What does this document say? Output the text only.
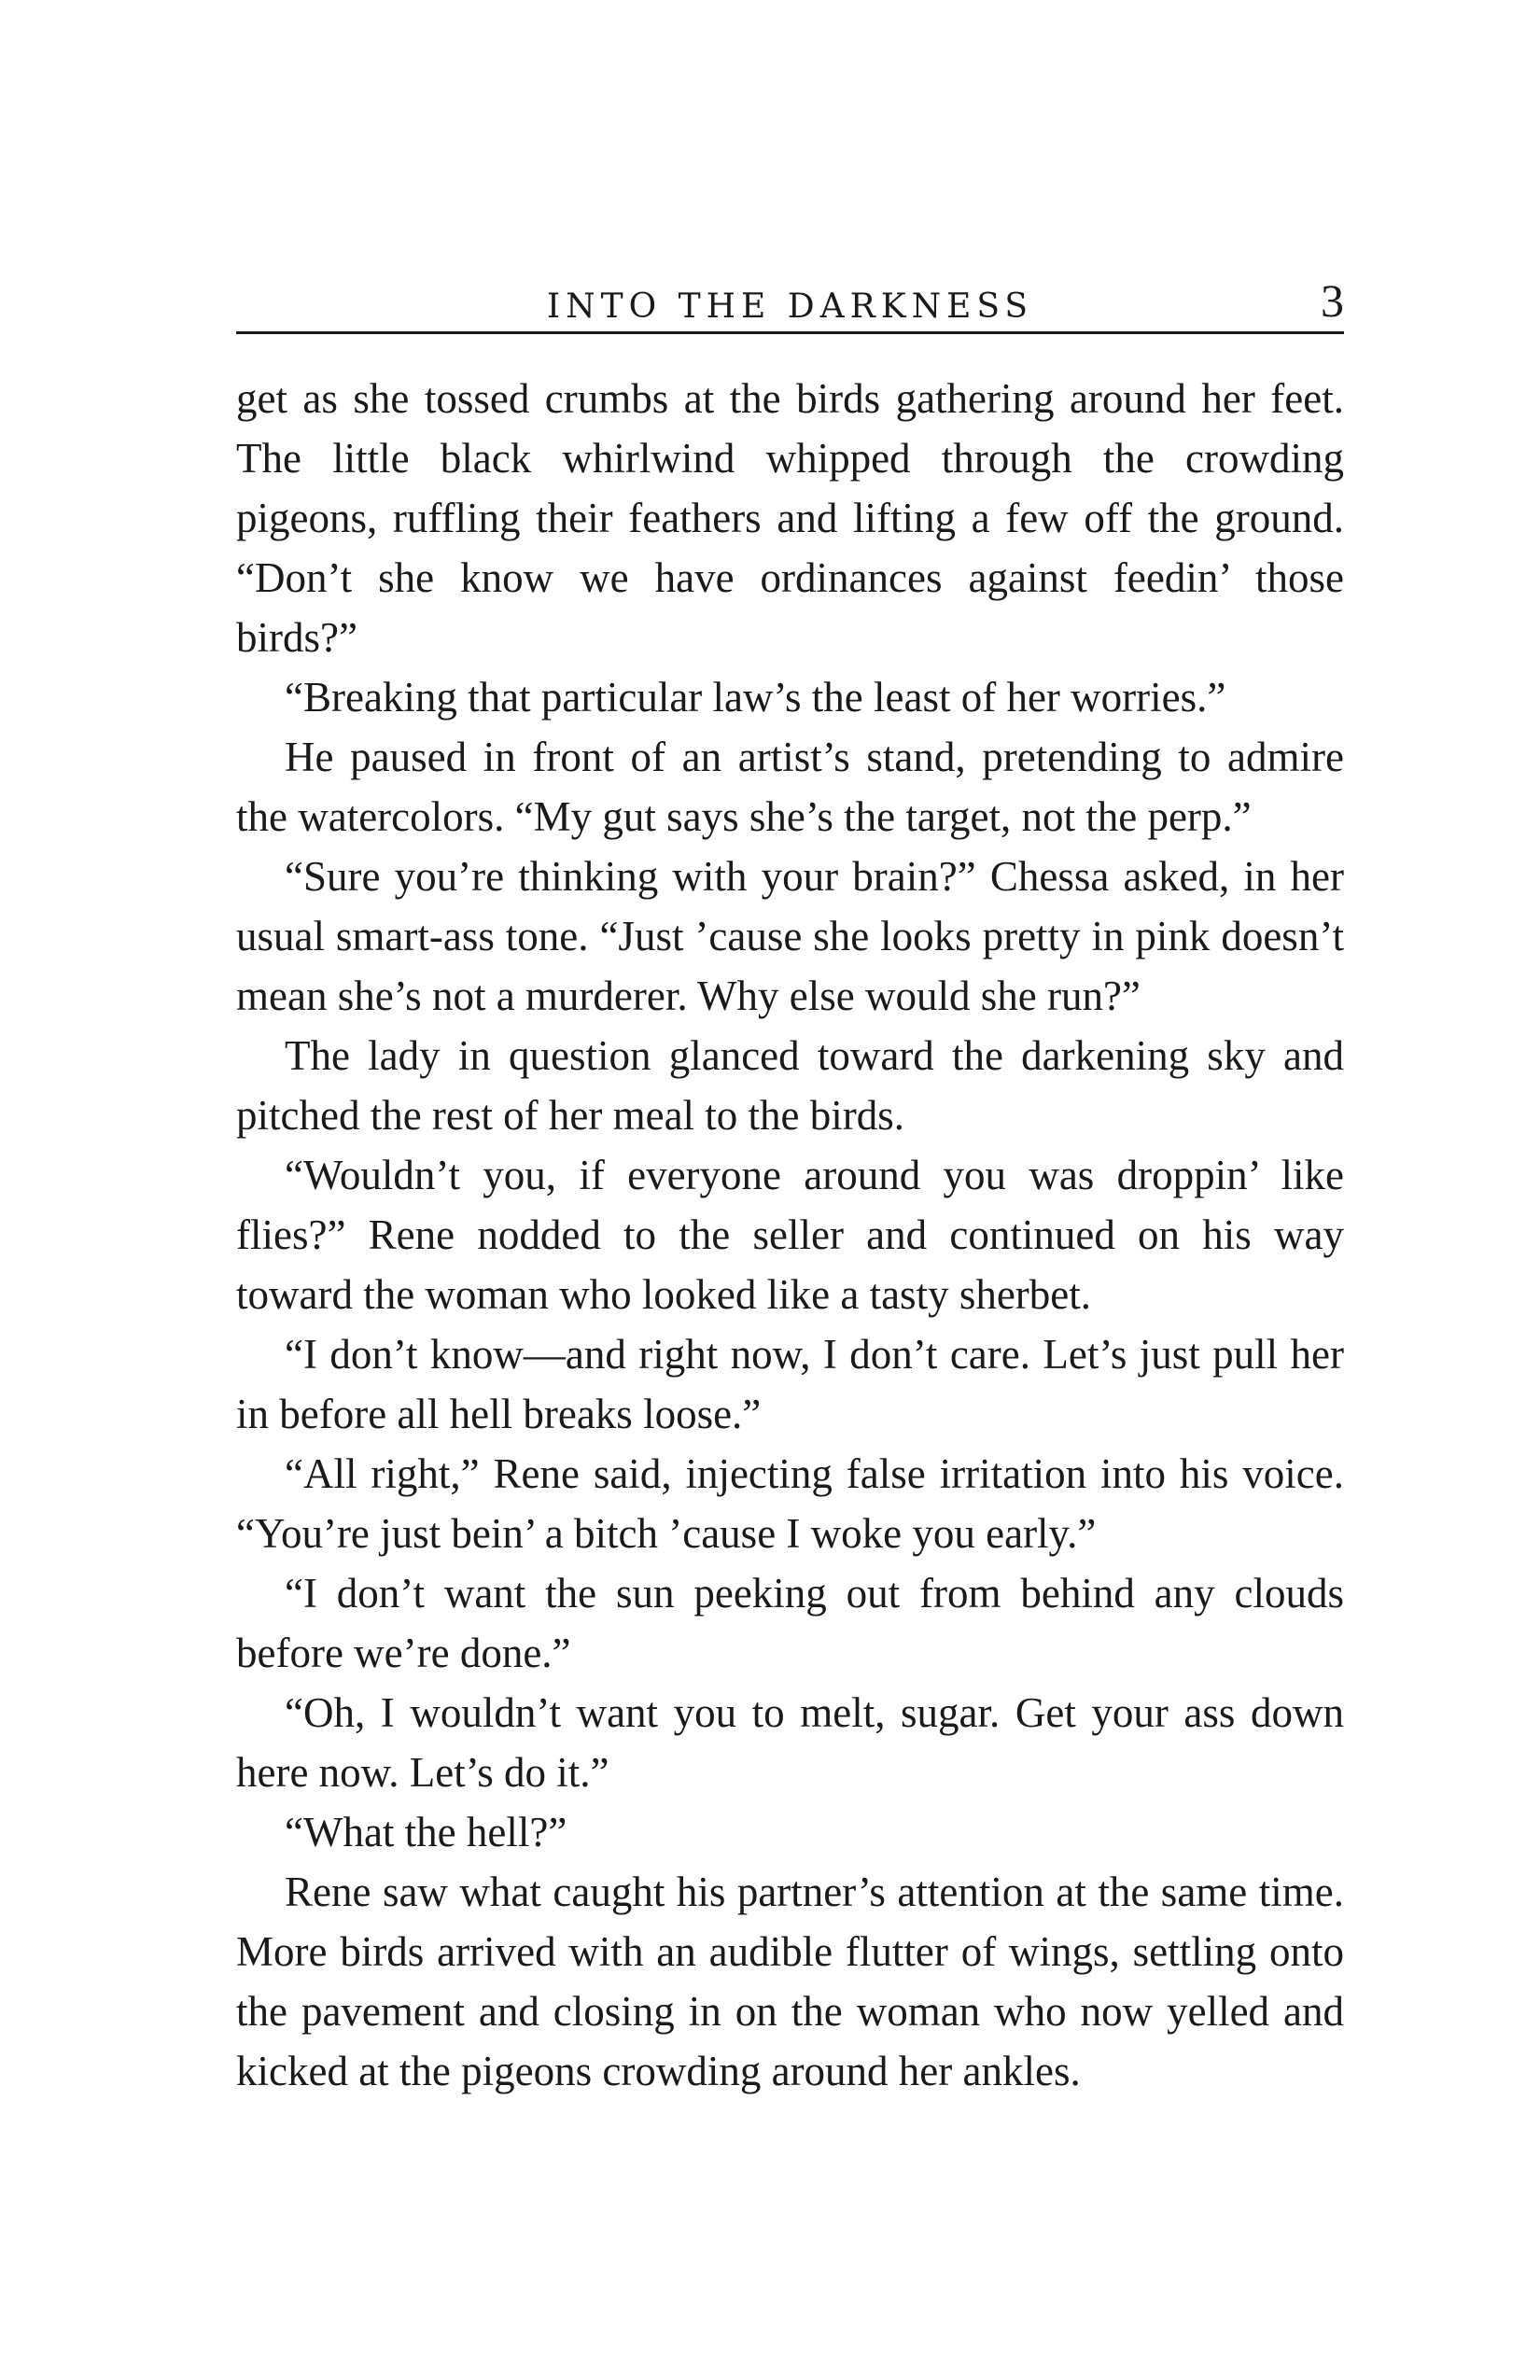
INTO THE DARKNESS	3

get as she tossed crumbs at the birds gathering around her feet. The little black whirlwind whipped through the crowding pigeons, ruffling their feathers and lifting a few off the ground. “Don’t she know we have ordinances against feedin’ those birds?”

“Breaking that particular law’s the least of her worries.”

He paused in front of an artist’s stand, pretending to admire the watercolors. “My gut says she’s the target, not the perp.”

“Sure you’re thinking with your brain?” Chessa asked, in her usual smart-ass tone. “Just ’cause she looks pretty in pink doesn’t mean she’s not a murderer. Why else would she run?”

The lady in question glanced toward the darkening sky and pitched the rest of her meal to the birds.

“Wouldn’t you, if everyone around you was droppin’ like flies?” Rene nodded to the seller and continued on his way toward the woman who looked like a tasty sherbet.

“I don’t know—and right now, I don’t care. Let’s just pull her in before all hell breaks loose.”

“All right,” Rene said, injecting false irritation into his voice. “You’re just bein’ a bitch ’cause I woke you early.”

“I don’t want the sun peeking out from behind any clouds before we’re done.”

“Oh, I wouldn’t want you to melt, sugar. Get your ass down here now. Let’s do it.”

“What the hell?”

Rene saw what caught his partner’s attention at the same time. More birds arrived with an audible flutter of wings, settling onto the pavement and closing in on the woman who now yelled and kicked at the pigeons crowding around her ankles.
